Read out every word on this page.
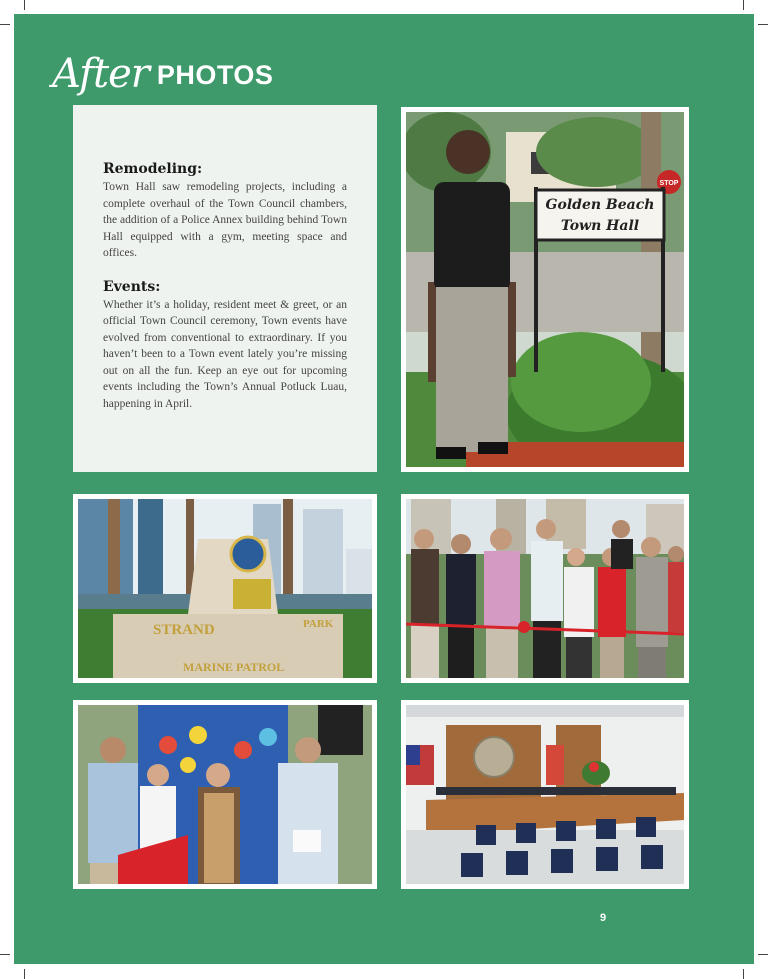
After PHOTOS
Remodeling:

Town Hall saw remodeling projects, including a complete overhaul of the Town Council chambers, the addition of a Police Annex building behind Town Hall equipped with a gym, meeting space and offices.

Events:

Whether it’s a holiday, resident meet & greet, or an official Town Council ceremony, Town events have evolved from conventional to extraordinary. If you haven’t been to a Town event lately you’re missing out on all the fun. Keep an eye out for upcoming events including the Town’s Annual Potluck Luau, happening in April.

STOP
Golden Beach
Town Hall
STRAND	PARK
MARINE PATROL
9
